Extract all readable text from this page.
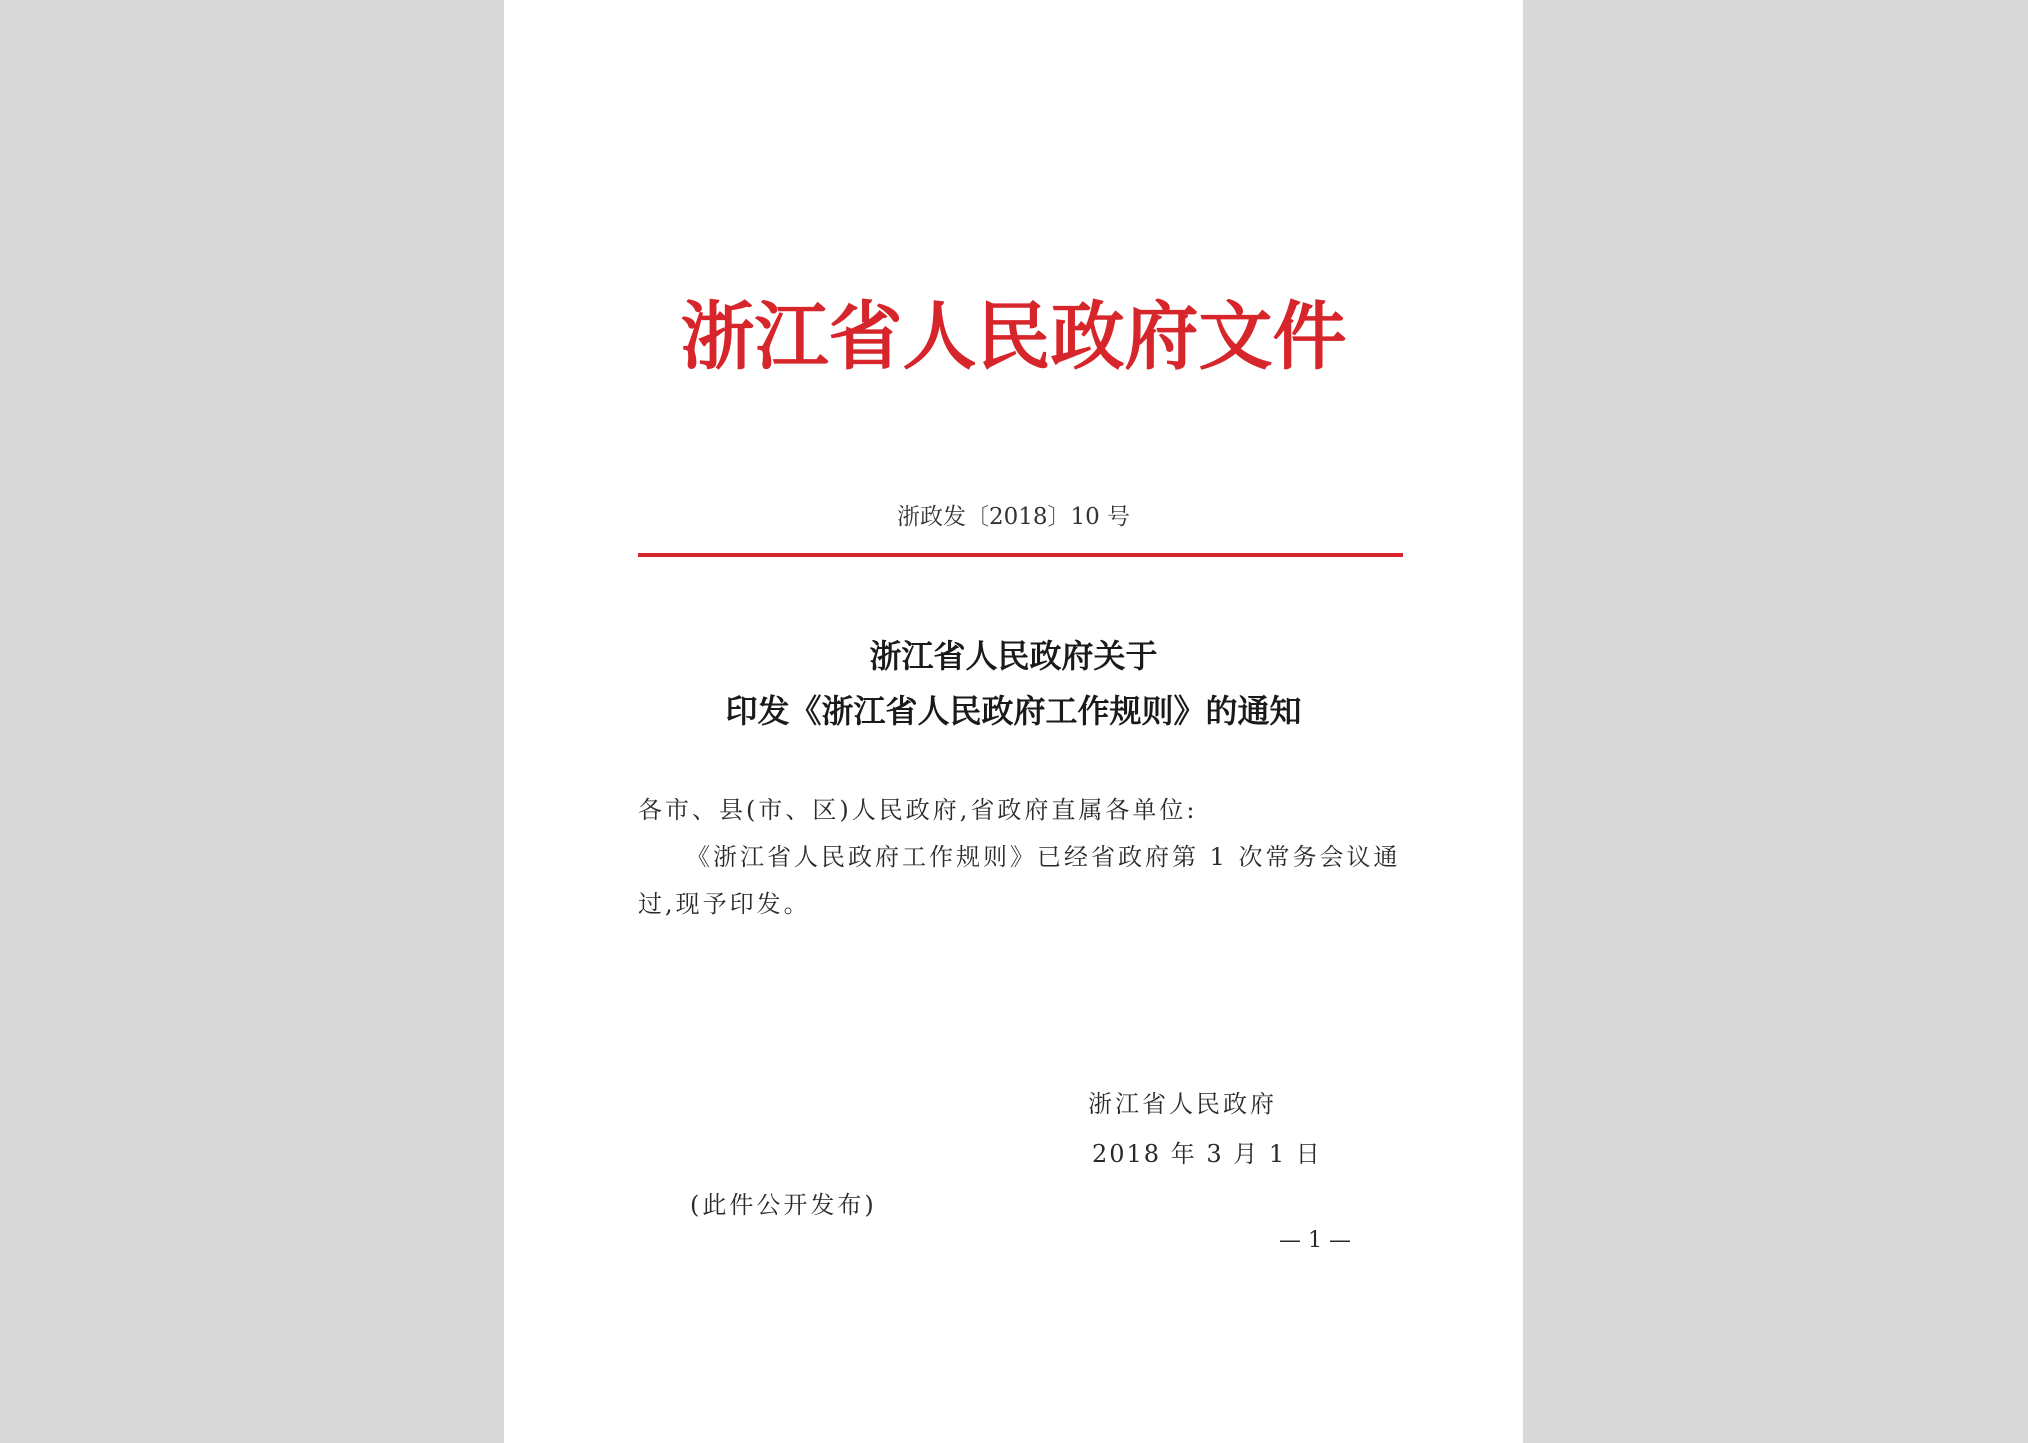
浙江省人民政府文件
浙政发〔2018〕10 号
浙江省人民政府关于
印发《浙江省人民政府工作规则》的通知
各市、县(市、区)人民政府,省政府直属各单位:
《浙江省人民政府工作规则》已经省政府第 1 次常务会议通
过,现予印发。
浙江省人民政府
2018 年 3 月 1 日
(此件公开发布)
— 1 —
